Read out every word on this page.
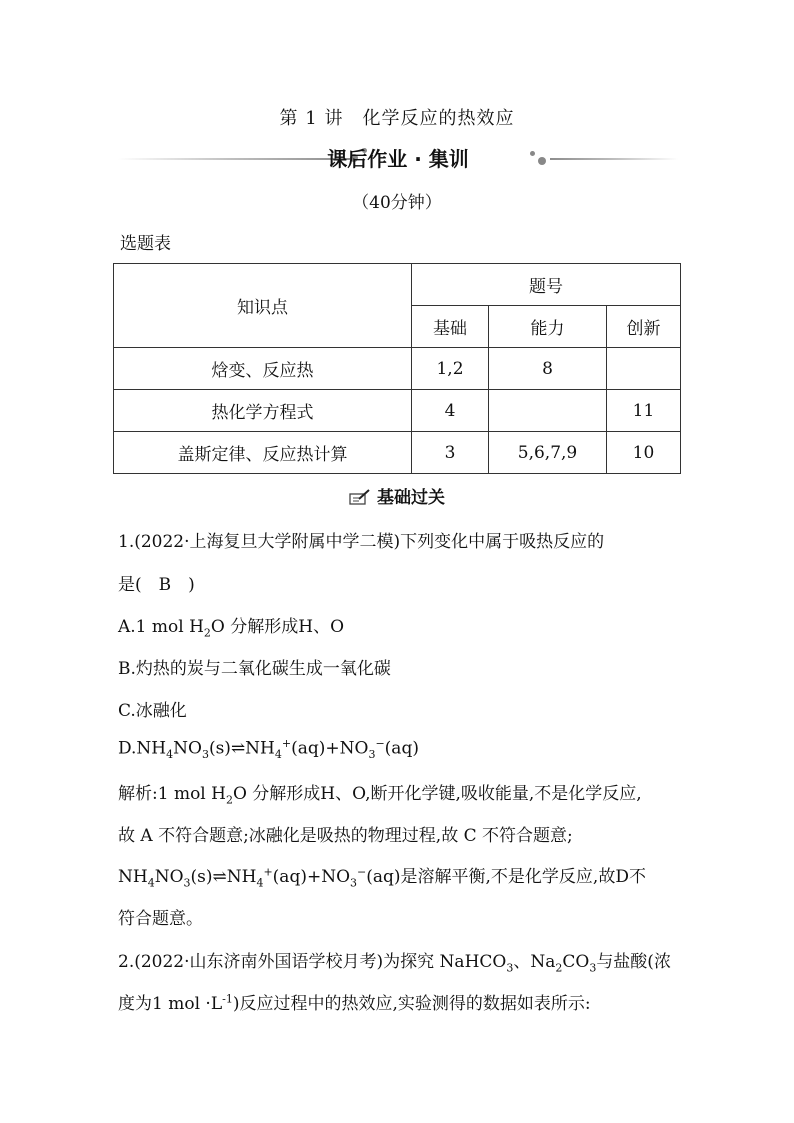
第 1 讲　化学反应的热效应
课后作业 · 集训
（40分钟）
选题表
知识点	题号		
	基础	能力	创新
焓变、反应热	1,2	8	
热化学方程式	4		11
盖斯定律、反应热计算	3	5,6,7,9	10
基础过关
1.(2022·上海复旦大学附属中学二模)下列变化中属于吸热反应的
是(　B　)
A.1 mol $H_2O$ 分解形成H、O
B.灼热的炭与二氧化碳生成一氧化碳
C.冰融化
$D.NH_4NO_3(s)\rightleftharpoons NH_4^+(aq)+NO_3^-(aq)$
解析:1 mol $H_2O$ 分解形成H、O,断开化学键,吸收能量,不是化学反应,
故 A 不符合题意;冰融化是吸热的物理过程,故 C 不符合题意;
$NH_4NO_3(s)\rightleftharpoons NH_4^+(aq)+NO_3^-(aq)$是溶解平衡,不是化学反应,故D不
符合题意。
2.(2022·山东济南外国语学校月考)为探究 NaHCO$_3$、$Na_2CO_3$与盐酸(浓
度为1 mol $\cdot L^{-1}$)反应过程中的热效应,实验测得的数据如表所示:
